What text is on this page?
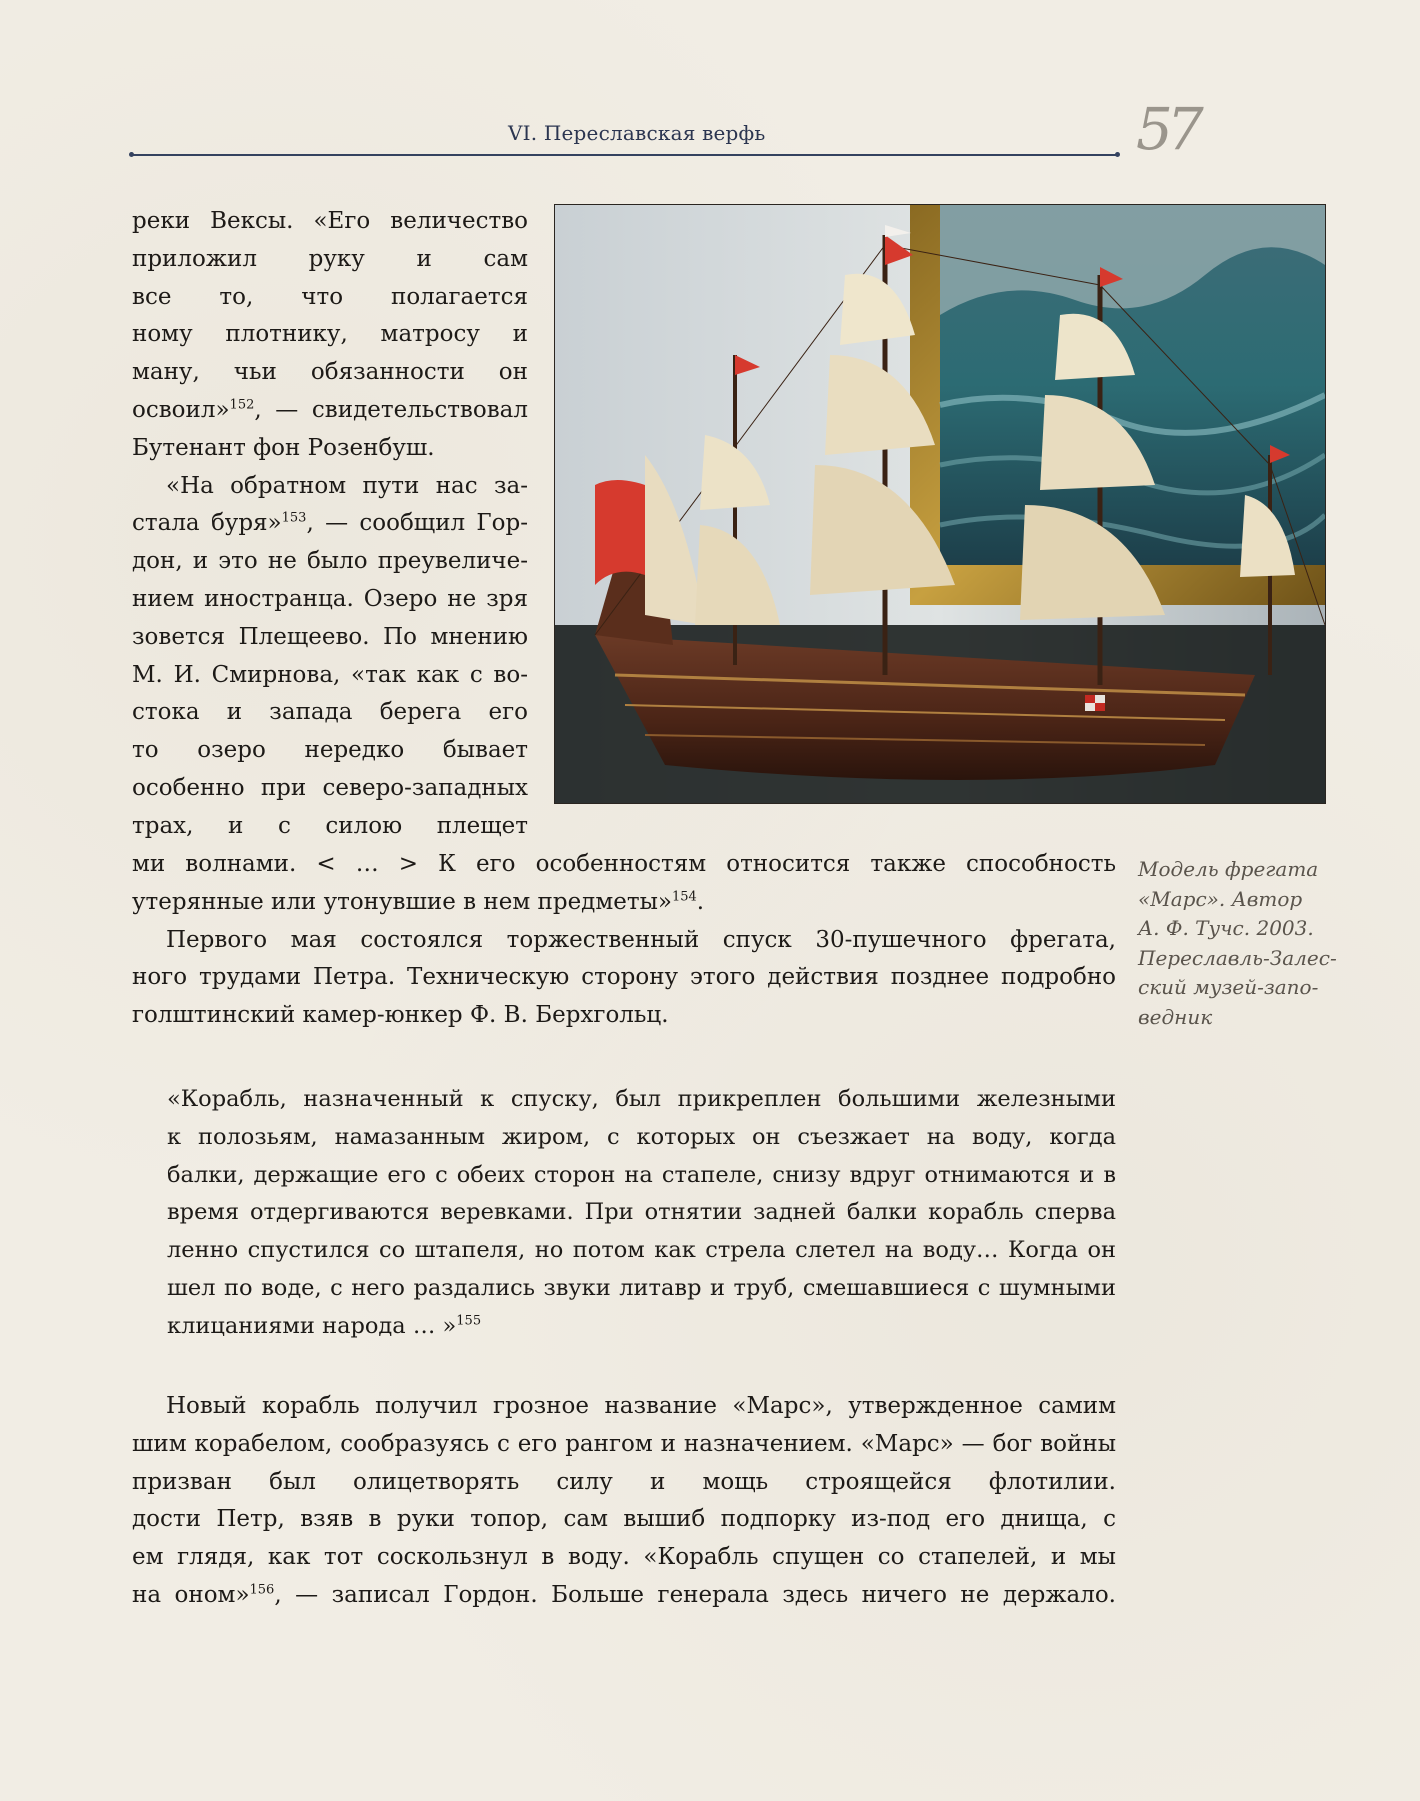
VI. Переславская верфь	57
реки Вексы. «Его величество
приложил руку и сам
все то, что полагается
ному плотнику, матросу и
ману, чьи обязанности он
освоил»$^{152}$, — свидетельствовал
Бутенант фон Розенбуш.
«На обратном пути нас за-
стала буря»$^{153}$, — сообщил Гор-
дон, и это не было преувеличе-
нием иностранца. Озеро не зря
зовется Плещеево. По мнению
М. И. Смирнова, «так как с во-
стока и запада берега его
то озеро нередко бывает
особенно при северо-западных
трах, и с силою плещет
Модель фрегата
«Марс». Автор
А. Ф. Тучс. 2003.
Переславль-Залес-
ский музей-запо-
ведник
ми волнами. < … > К его особенностям относится также способность
утерянные или утонувшие в нем предметы»$^{154}$.
Первого мая состоялся торжественный спуск 30-пушечного фрегата,
ного трудами Петра. Техническую сторону этого действия позднее подробно
голштинский камер-юнкер Ф. В. Берхгольц.
«Корабль, назначенный к спуску, был прикреплен большими железными
к полозьям, намазанным жиром, с которых он съезжает на воду, когда
балки, держащие его с обеих сторон на стапеле, снизу вдруг отнимаются и в
время отдергиваются веревками. При отнятии задней балки корабль сперва
ленно спустился со штапеля, но потом как стрела слетел на воду… Когда он
шел по воде, с него раздались звуки литавр и труб, смешавшиеся с шумными
клицаниями народа … »$^{155}$
Новый корабль получил грозное название «Марс», утвержденное самим
шим корабелом, сообразуясь с его рангом и назначением. «Марс» — бог войны
призван был олицетворять силу и мощь строящейся флотилии.
дости Петр, взяв в руки топор, сам вышиб подпорку из-под его днища, с
ем глядя, как тот соскользнул в воду. «Корабль спущен со стапелей, и мы
на оном»$^{156}$, — записал Гордон. Больше генерала здесь ничего не держало.
